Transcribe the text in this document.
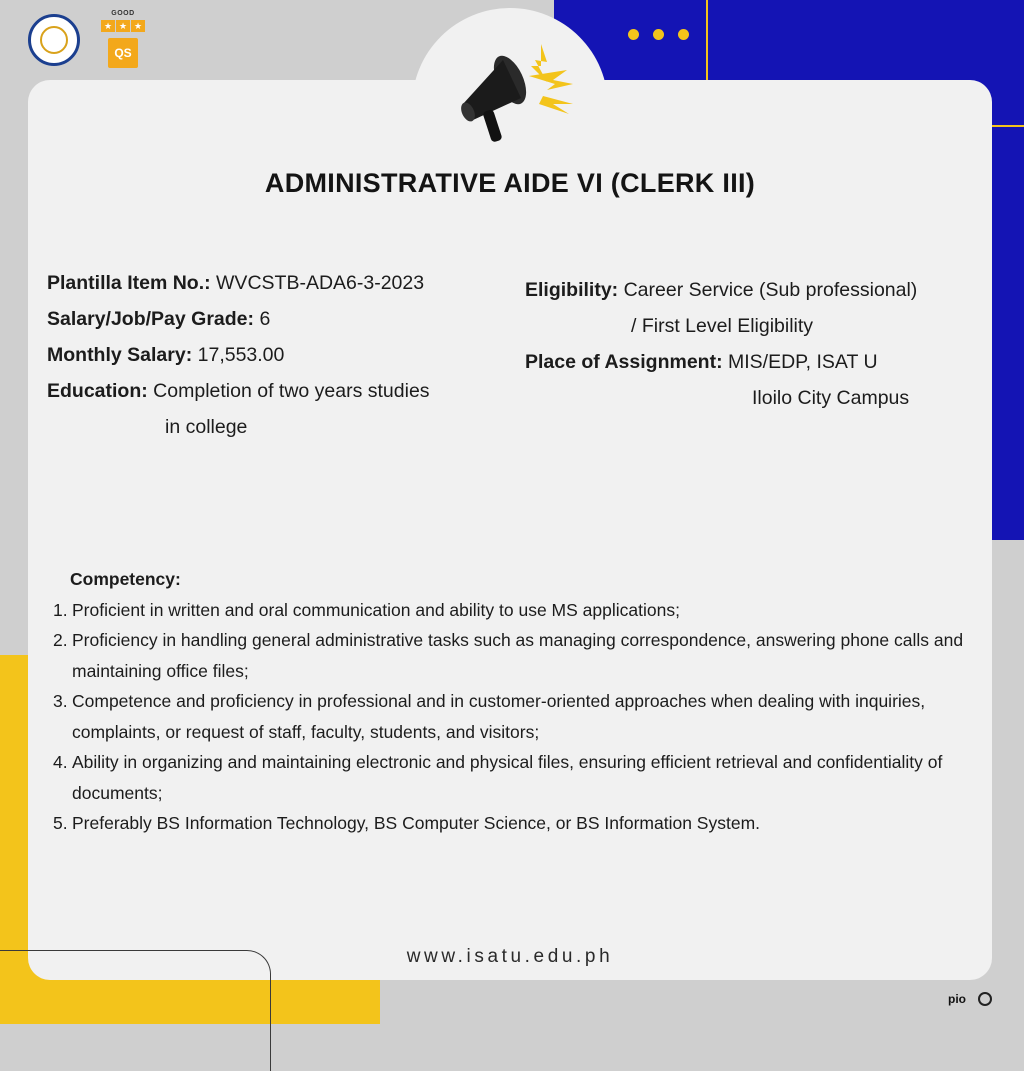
GOOD
★ ★ ★
QS
ADMINISTRATIVE AIDE VI (CLERK III)
Plantilla Item No.: WVCSTB-ADA6-3-2023
Salary/Job/Pay Grade: 6
Monthly Salary: 17,553.00
Education: Completion of two years studies
in college
Eligibility: Career Service (Sub professional)
/ First Level Eligibility
Place of Assignment: MIS/EDP, ISAT U
Iloilo City Campus
Competency:
1. Proficient in written and oral communication and ability to use MS applications;
2. Proficiency in handling general administrative tasks such as managing correspondence, answering phone calls and maintaining office files;
3. Competence and proficiency in professional and in customer-oriented approaches when dealing with inquiries, complaints, or request of staff, faculty, students, and visitors;
4. Ability in organizing and maintaining electronic and physical files, ensuring efficient retrieval and confidentiality of documents;
5. Preferably BS Information Technology, BS Computer Science, or BS Information System.
www.isatu.edu.ph
pio
